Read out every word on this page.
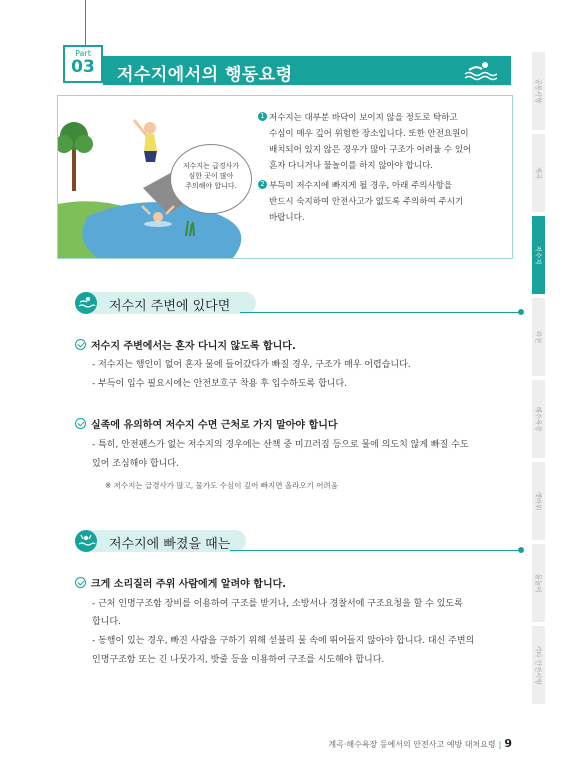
Part
03	저수지에서의 행동요령
저수지는 급경사가
심한 곳이 많아
주의해야 합니다.
1 저수지는 대부분 바닥이 보이지 않을 정도로 탁하고
수심이 매우 깊어 위험한 장소입니다. 또한 안전요원이
배치되어 있지 않은 경우가 많아 구조가 어려울 수 있어
혼자 다니거나 물놀이를 하지 않아야 합니다.
2 부득이 저수지에 빠지게 될 경우, 아래 주의사항을
반드시 숙지하여 안전사고가 없도록 주의하여 주시기
바랍니다.
저수지 주변에 있다면
저수지 주변에서는 혼자 다니지 않도록 합니다.
- 저수지는 행인이 없어 혼자 물에 들어갔다가 빠질 경우, 구조가 매우 어렵습니다.
- 부득이 입수 필요시에는 안전보호구 착용 후 입수하도록 합니다.
실족에 유의하여 저수지 수면 근처로 가지 말아야 합니다
- 특히, 안전펜스가 없는 저수지의 경우에는 산책 중 미끄러짐 등으로 물에 의도치 않게 빠질 수도
있어 조심해야 합니다.
※ 저수지는 급경사가 많고, 물가도 수심이 깊어 빠지면 올라오기 어려움
저수지에 빠졌을 때는
크게 소리질러 주위 사람에게 알려야 합니다.
- 근처 인명구조함 장비를 이용하여 구조를 받거나, 소방서나 경찰서에 구조요청을 할 수 있도록
합니다.
- 동행이 있는 경우, 빠진 사람을 구하기 위해 섣불리 물 속에 뛰어들지 않아야 합니다. 대신 주변의
인명구조함 또는 긴 나뭇가지, 밧줄 등을 이용하여 구조를 시도해야 합니다.
공통사항
계곡
저수지
하천
해수욕장
갯바위
물놀이
기타 안전사항
계곡·해수욕장 등에서의 안전사고 예방 대처요령 | 9
